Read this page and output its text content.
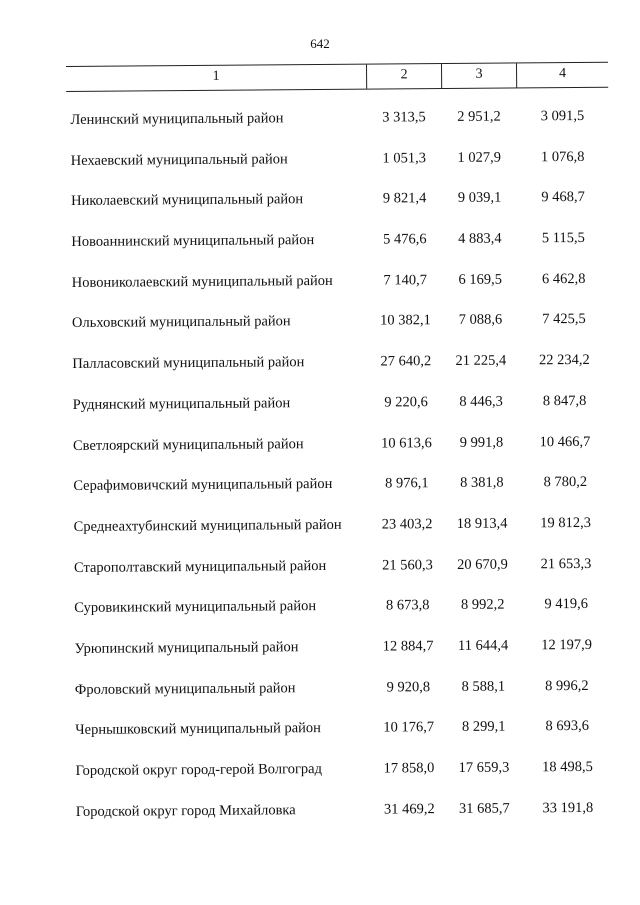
642
1	2	3	4
Ленинский муниципальный район	3 313,5	2 951,2	3 091,5
Нехаевский муниципальный район	1 051,3	1 027,9	1 076,8
Николаевский муниципальный район	9 821,4	9 039,1	9 468,7
Новоаннинский муниципальный район	5 476,6	4 883,4	5 115,5
Новониколаевский муниципальный район	7 140,7	6 169,5	6 462,8
Ольховский муниципальный район	10 382,1	7 088,6	7 425,5
Палласовский муниципальный район	27 640,2	21 225,4	22 234,2
Руднянский муниципальный район	9 220,6	8 446,3	8 847,8
Светлоярский муниципальный район	10 613,6	9 991,8	10 466,7
Серафимовичский муниципальный район	8 976,1	8 381,8	8 780,2
Среднеахтубинский муниципальный район	23 403,2	18 913,4	19 812,3
Старополтавский муниципальный район	21 560,3	20 670,9	21 653,3
Суровикинский муниципальный район	8 673,8	8 992,2	9 419,6
Урюпинский муниципальный район	12 884,7	11 644,4	12 197,9
Фроловский муниципальный район	9 920,8	8 588,1	8 996,2
Чернышковский муниципальный район	10 176,7	8 299,1	8 693,6
Городской округ город-герой Волгоград	17 858,0	17 659,3	18 498,5
Городской округ город Михайловка	31 469,2	31 685,7	33 191,8
